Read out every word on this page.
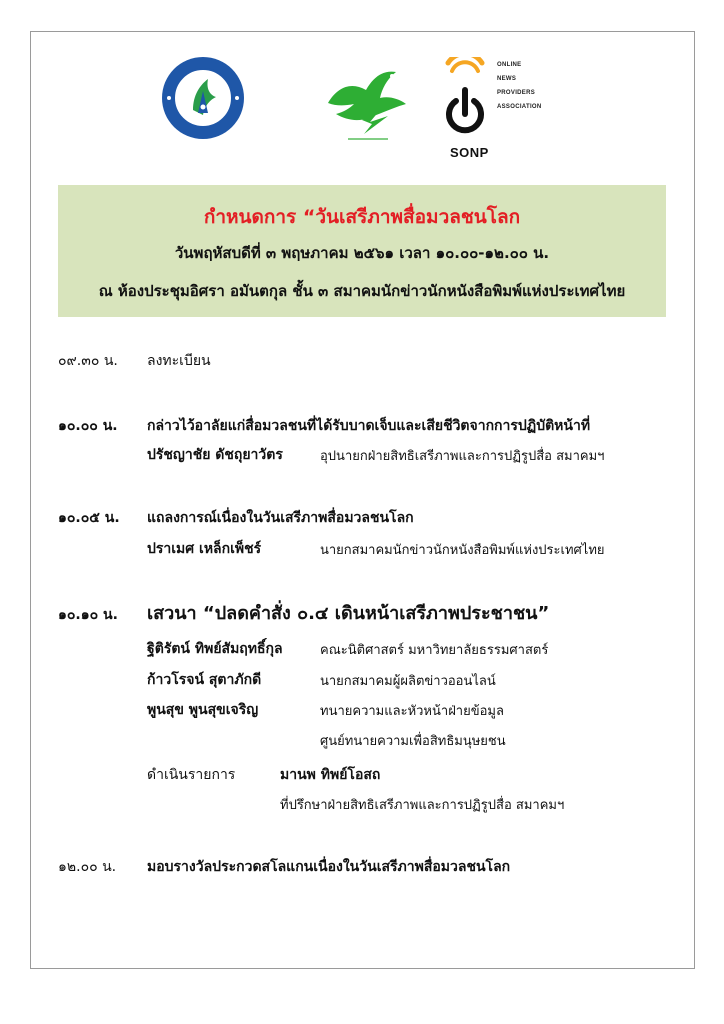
ONLINE
NEWS
PROVIDERS
ASSOCIATION
SONP
กำหนดการ “วันเสรีภาพสื่อมวลชนโลก
วันพฤหัสบดีที่ ๓ พฤษภาคม ๒๕๖๑ เวลา ๑๐.๐๐-๑๒.๐๐ น.
ณ ห้องประชุมอิศรา อมันตกุล ชั้น ๓ สมาคมนักข่าวนักหนังสือพิมพ์แห่งประเทศไทย
๐๙.๓๐ น. ลงทะเบียน
๑๐.๐๐ น. กล่าวไว้อาลัยแก่สื่อมวลชนที่ได้รับบาดเจ็บและเสียชีวิตจากการปฏิบัติหน้าที่
ปรัชญาชัย ดัชถุยาวัตร	อุปนายกฝ่ายสิทธิเสรีภาพและการปฏิรูปสื่อ สมาคมฯ
๑๐.๐๕ น. แถลงการณ์เนื่องในวันเสรีภาพสื่อมวลชนโลก
ปราเมศ เหล็กเพ็ชร์	นายกสมาคมนักข่าวนักหนังสือพิมพ์แห่งประเทศไทย
๑๐.๑๐ น. เสวนา “ปลดคำสั่ง ๐.๔ เดินหน้าเสรีภาพประชาชน”
ฐิติรัตน์ ทิพย์สัมฤทธิ์กุล	คณะนิติศาสตร์ มหาวิทยาลัยธรรมศาสตร์
ก้าวโรจน์ สุตาภักดี	นายกสมาคมผู้ผลิตข่าวออนไลน์
พูนสุข พูนสุขเจริญ	ทนายความและหัวหน้าฝ่ายข้อมูล
ศูนย์ทนายความเพื่อสิทธิมนุษยชน
ดำเนินรายการ	มานพ ทิพย์โอสถ
ที่ปรึกษาฝ่ายสิทธิเสรีภาพและการปฏิรูปสื่อ สมาคมฯ
๑๒.๐๐ น. มอบรางวัลประกวดสโลแกนเนื่องในวันเสรีภาพสื่อมวลชนโลก
